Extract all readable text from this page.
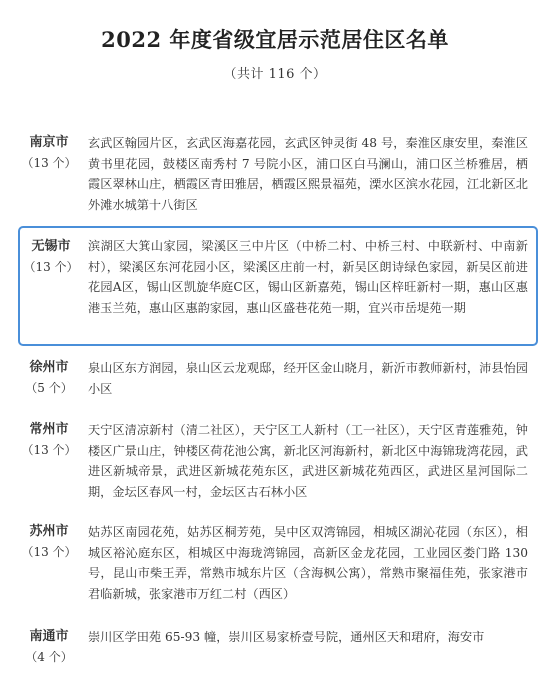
2022 年度省级宜居示范居住区名单
（共计 116 个）
南京市
（13 个）
玄武区翰园片区，玄武区海嘉花园，玄武区钟灵街 48 号，秦淮区康安里，秦淮区黄书里花园，鼓楼区南秀村 7 号院小区，浦口区白马澜山，浦口区兰桥雅居，栖霞区翠林山庄，栖霞区青田雅居，栖霞区熙景福苑，溧水区滨水花园，江北新区北外滩水城第十八街区
无锡市
（13 个）
滨湖区大箕山家园，梁溪区三中片区（中桥二村、中桥三村、中联新村、中南新村），梁溪区东河花园小区，梁溪区庄前一村，新吴区朗诗绿色家园，新吴区前进花园A区，锡山区凯旋华庭C区，锡山区新嘉苑，锡山区梓旺新村一期，惠山区惠港玉兰苑，惠山区惠韵家园，惠山区盛巷花苑一期，宜兴市岳堤苑一期
徐州市
（5 个）
泉山区东方润园，泉山区云龙观邸，经开区金山晓月，新沂市教师新村，沛县怡园小区
常州市
（13 个）
天宁区清凉新村（清二社区），天宁区工人新村（工一社区），天宁区青莲雅苑，钟楼区广景山庄，钟楼区荷花池公寓，新北区河海新村，新北区中海锦珑湾花园，武进区新城帝景，武进区新城花苑东区，武进区新城花苑西区，武进区星河国际二期，金坛区春风一村，金坛区古石林小区
苏州市
（13 个）
姑苏区南园花苑，姑苏区桐芳苑，吴中区双湾锦园，相城区湖沁花园（东区），相城区裕沁庭东区，相城区中海珑湾锦园，高新区金龙花园，工业园区娄门路 130 号，昆山市柴王弄，常熟市城东片区（含海枫公寓），常熟市聚福佳苑，张家港市君临新城，张家港市万红二村（西区）
南通市
（4 个）
崇川区学田苑 65-93 幢，崇川区易家桥壹号院，通州区天和珺府，海安市
